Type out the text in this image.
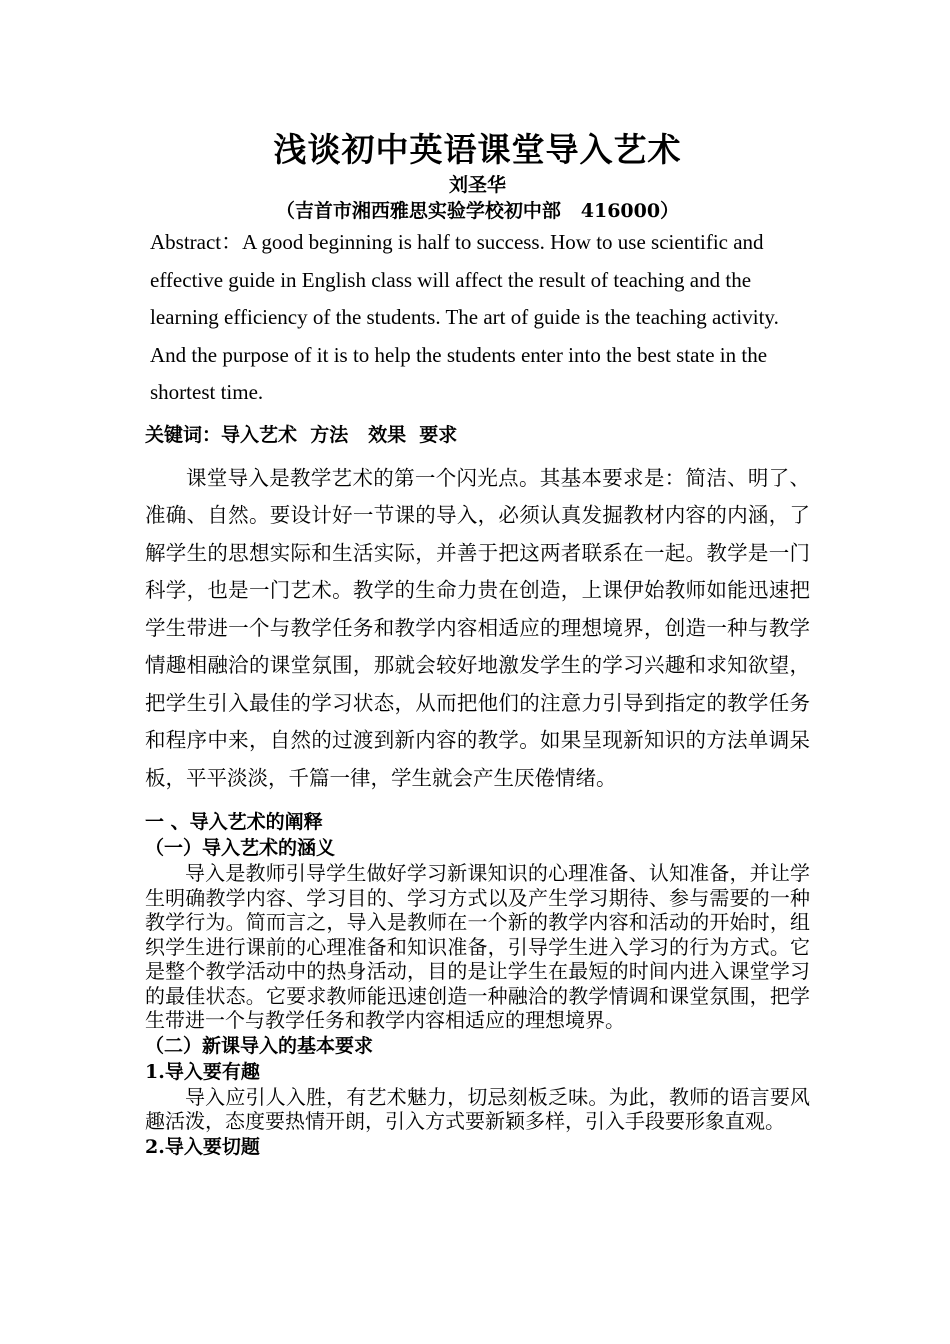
浅谈初中英语课堂导入艺术

刘圣华

（吉首市湘西雅思实验学校初中部   416000）

Abstract：A good beginning is half to success. How to use scientific and effective guide in English class will affect the result of teaching and the learning efficiency of the students. The art of guide is the teaching activity. And the purpose of it is to help the students enter into the best state in the shortest time.

关键词：导入艺术  方法   效果  要求

课堂导入是教学艺术的第一个闪光点。其基本要求是：简洁、明了、准确、自然。要设计好一节课的导入，必须认真发掘教材内容的内涵，了解学生的思想实际和生活实际，并善于把这两者联系在一起。教学是一门科学，也是一门艺术。教学的生命力贵在创造，上课伊始教师如能迅速把学生带进一个与教学任务和教学内容相适应的理想境界，创造一种与教学情趣相融洽的课堂氛围，那就会较好地激发学生的学习兴趣和求知欲望，把学生引入最佳的学习状态，从而把他们的注意力引导到指定的教学任务和程序中来，自然的过渡到新内容的教学。如果呈现新知识的方法单调呆板，平平淡淡，千篇一律，学生就会产生厌倦情绪。

一 、导入艺术的阐释

（一）导入艺术的涵义

导入是教师引导学生做好学习新课知识的心理准备、认知准备，并让学生明确教学内容、学习目的、学习方式以及产生学习期待、参与需要的一种教学行为。简而言之，导入是教师在一个新的教学内容和活动的开始时，组织学生进行课前的心理准备和知识准备，引导学生进入学习的行为方式。它是整个教学活动中的热身活动，目的是让学生在最短的时间内进入课堂学习的最佳状态。它要求教师能迅速创造一种融洽的教学情调和课堂氛围，把学生带进一个与教学任务和教学内容相适应的理想境界。

（二）新课导入的基本要求

1.导入要有趣

导入应引人入胜，有艺术魅力，切忌刻板乏味。为此，教师的语言要风趣活泼，态度要热情开朗，引入方式要新颖多样，引入手段要形象直观。

2.导入要切题
